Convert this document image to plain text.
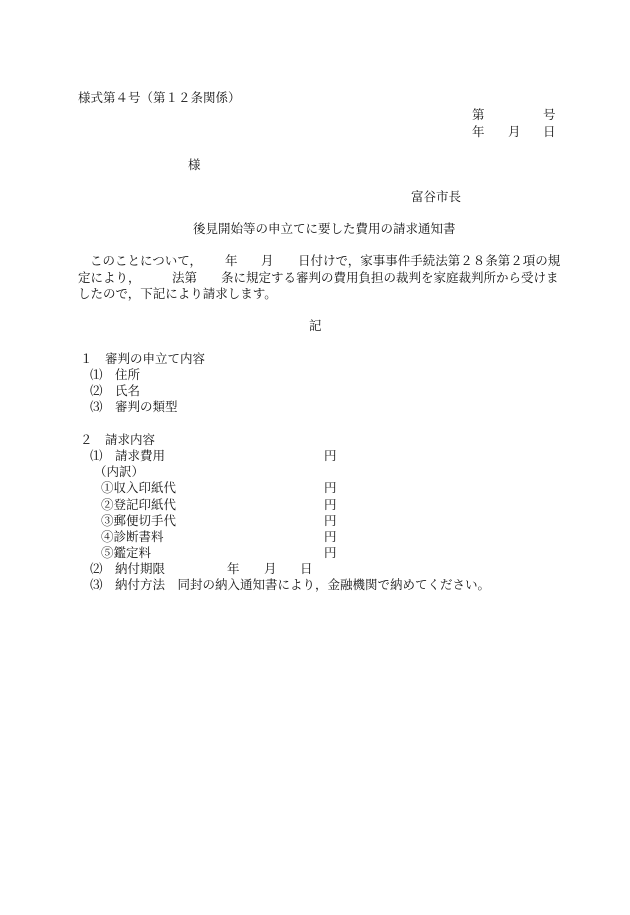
様式第４号（第１２条関係）
第	号
年 月 日
様
富谷市長
後見開始等の申立てに要した費用の請求通知書
このことについて， 年 月 日付けで，家事事件手続法第２８条第２項の規
定により，	法第 条に規定する審判の費用負担の裁判を家庭裁判所から受けま
したので，下記により請求します。
記
１　審判の申立て内容
⑴　住所
⑵　氏名
⑶　審判の類型
２　請求内容
⑴　請求費用	円
（内訳）
①収入印紙代	円
②登記印紙代	円
③郵便切手代	円
④診断書料	円
⑤鑑定料	円
⑵　納付期限	年 月 日
⑶　納付方法　同封の納入通知書により，金融機関で納めてください。
